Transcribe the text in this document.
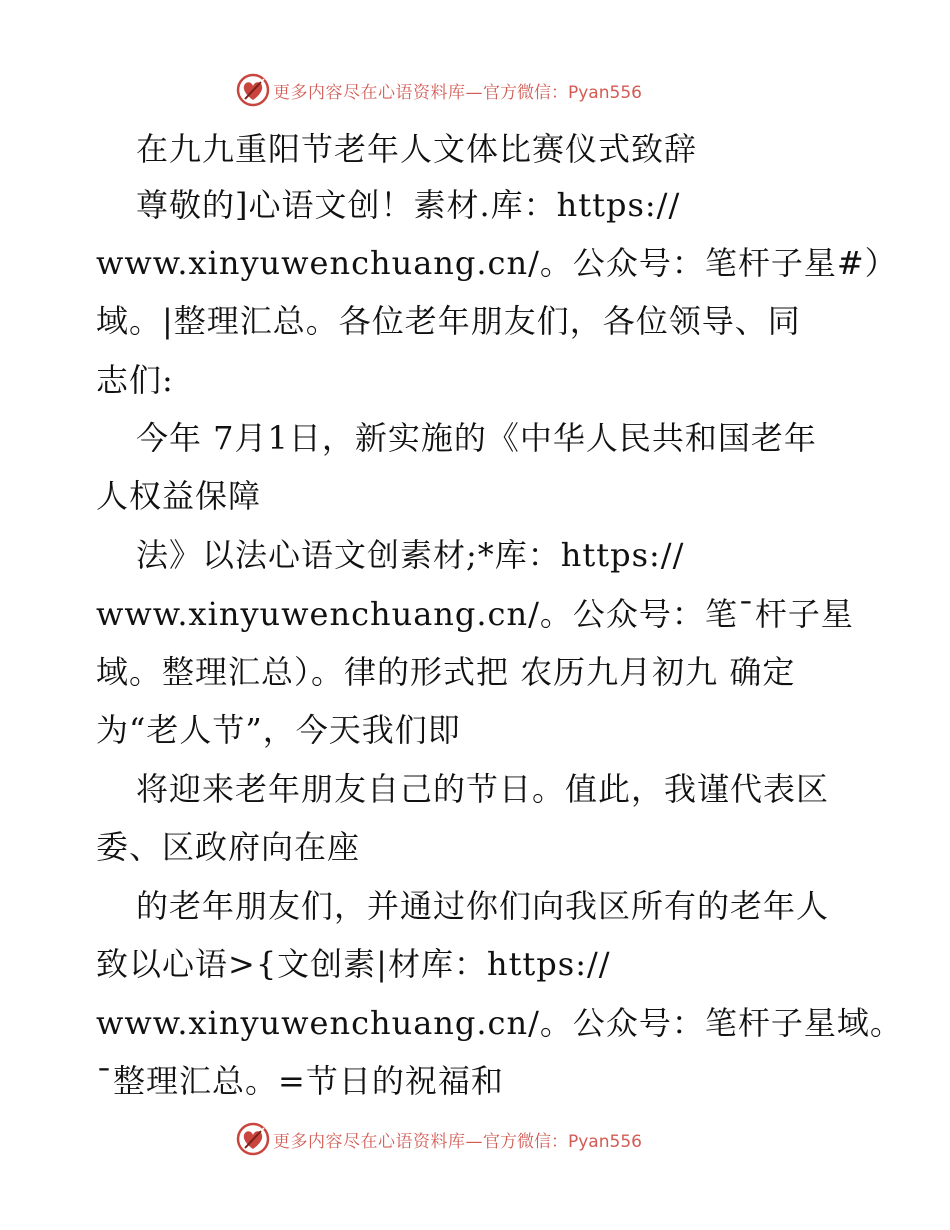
更多内容尽在心语资料库— 官方微信：Pyan556

在九九重阳节老年人文体比赛仪式致辞

尊敬的]心语文创！素材.库：https://

www.xinyuwenchuang.cn/。公众号：笔杆子星#）

域。|整理汇总。各位老年朋友们，各位领导、同

志们:

今年 7月1日，新实施的《中华人民共和国老年

人权益保障

法》以法心语文创素材;*库：https://

www.xinyuwenchuang.cn/。公众号：笔¯杆子星

域。整理汇总）。律的形式把 农历九月初九 确定

为“老人节”，今天我们即

将迎来老年朋友自己的节日。值此，我谨代表区

委、区政府向在座

的老年朋友们，并通过你们向我区所有的老年人

致以心语>{文创素|材库：https://

www.xinyuwenchuang.cn/。公众号：笔杆子星域。

¯整理汇总。=节日的祝福和

更多内容尽在心语资料库— 官方微信：Pyan556
